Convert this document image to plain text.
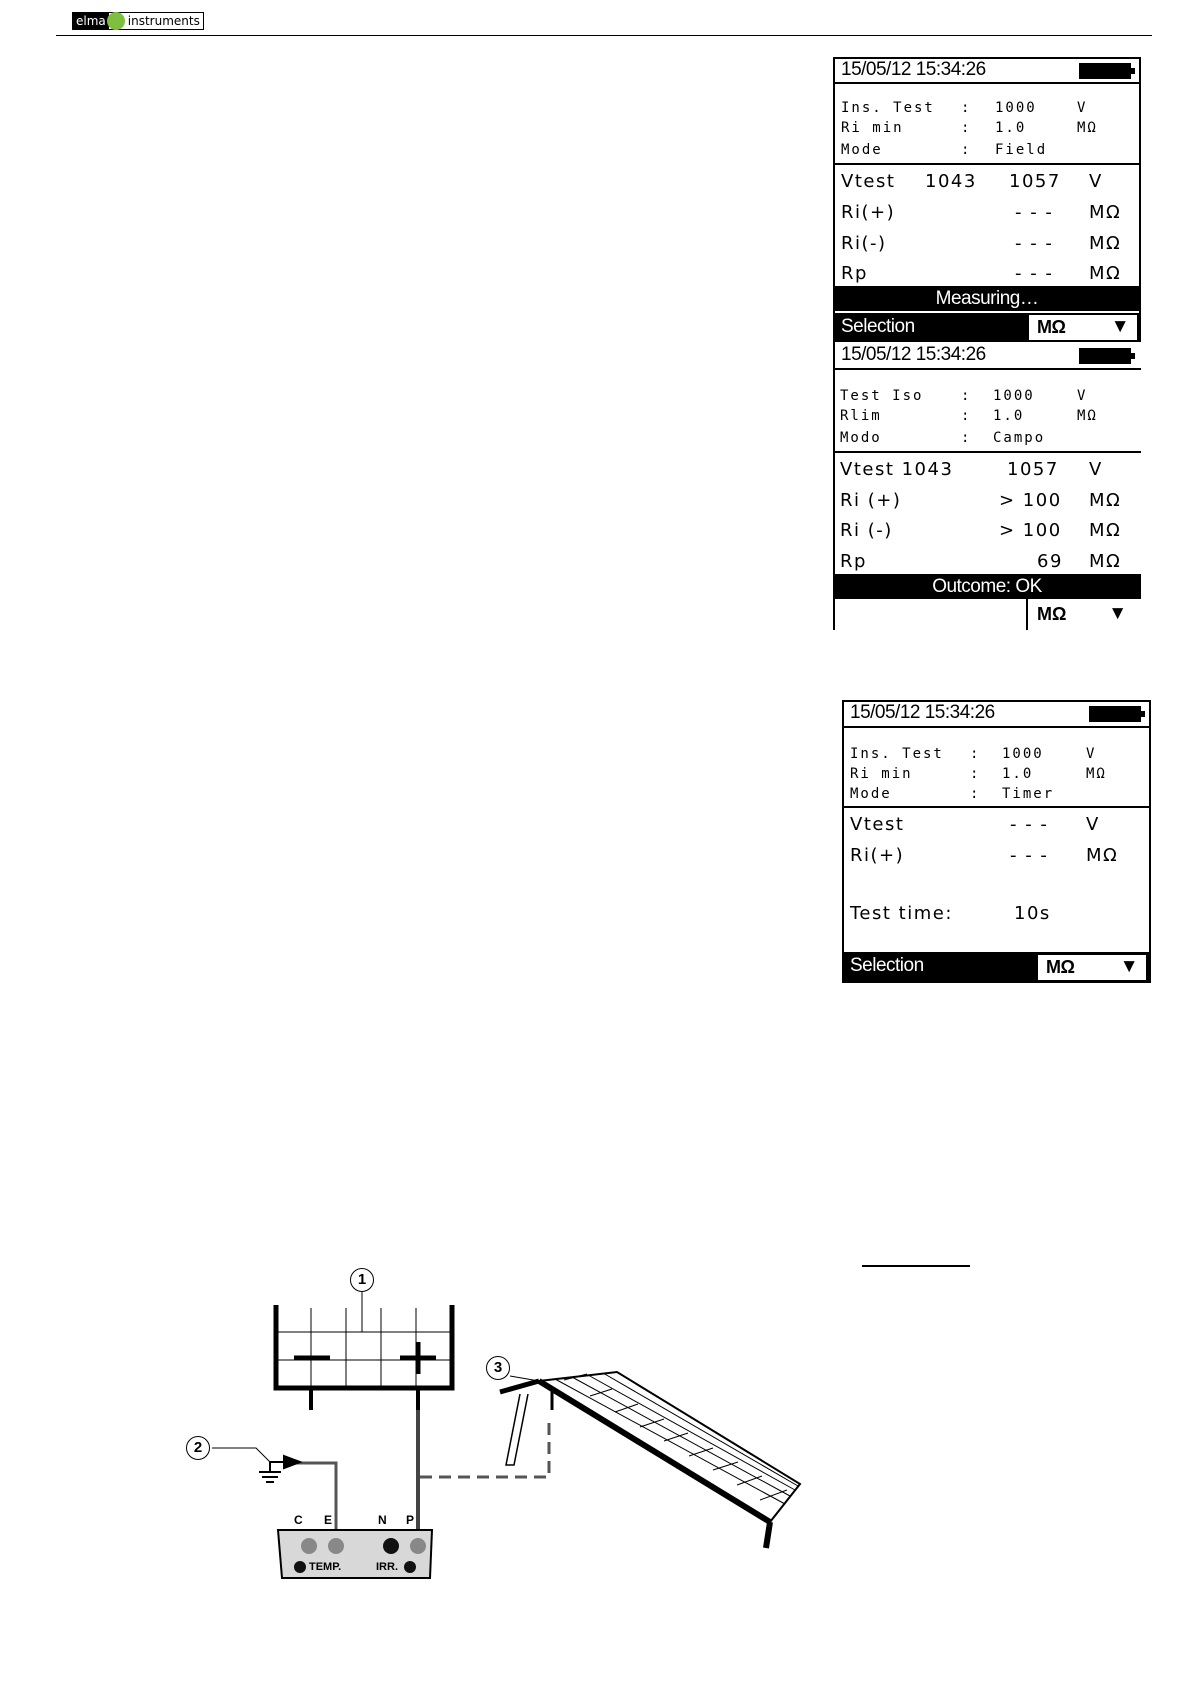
elma	instruments
15/05/12 15:34:26
Ins. Test : 1000	V
Ri min	: 1.0	MΩ
Mode	: Field
Vtest 1043 1057 V
Ri(+)	- - - MΩ
Ri(-)	- - - MΩ
Rp	- - - MΩ
Measuring…
Selection	MΩ ▼
15/05/12 15:34:26
Test Iso	: 1000	V
Rlim	: 1.0	MΩ
Modo	: Campo
Vtest 1043	1057 V
Ri (+)	> 100 MΩ
Ri (-)	> 100 MΩ
Rp	69 MΩ
Outcome: OK
MΩ ▼
15/05/12 15:34:26
Ins. Test : 1000	V
Ri min	: 1.0	MΩ
Mode	: Timer
Vtest	- - - V
Ri(+)	- - - MΩ
Test time:	10s
Selection	MΩ ▼
1
2
3
C E	N P
TEMP.	IRR.
